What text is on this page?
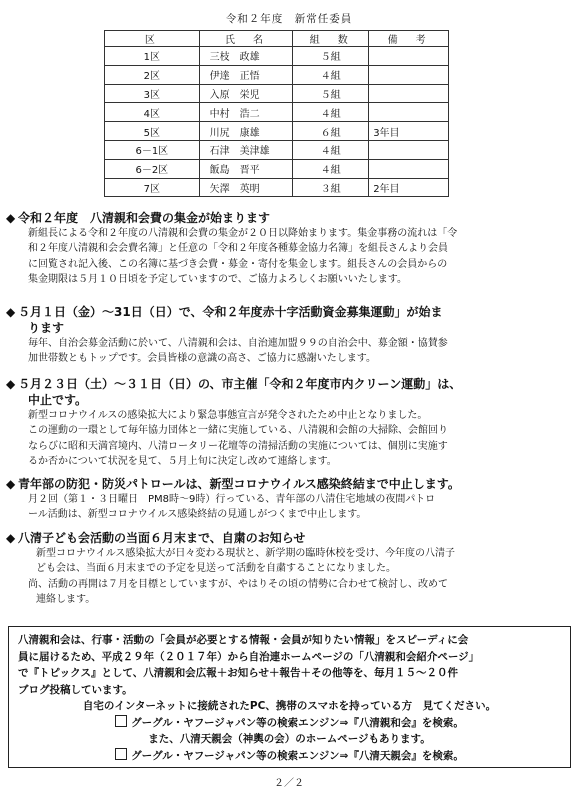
令和２年度　新常任委員
区	氏　名	組　数	備　考
1区	三枝　政雄	５組	
2区	伊達　正悟	４組	
3区	入原　栄児	５組	
4区	中村　浩二	４組	
5区	川尻　康雄	６組	3年目
6－1区	石津　美津雄	４組	
6－2区	飯島　晋平	４組	
7区	矢澤　英明	３組	2年目
◆ 令和２年度　八清親和会費の集金が始まります
新組長による令和２年度の八清親和会費の集金が２０日以降始まります。集金事務の流れは「令
和２年度八清親和会会費名簿」と任意の「令和２年度各種募金協力名簿」を組長さんより会員
に回覧され記入後、この名簿に基づき会費・募金・寄付を集金します。組長さんの会員からの
集金期限は５月１０日頃を予定していますので、ご協力よろしくお願いいたします。
◆ ５月１日（金）～31日（日）で、令和２年度赤十字活動資金募集運動」が始ま
ります
毎年、自治会募金活動に於いて、八清親和会は、自治連加盟９９の自治会中、募金額・協賛参
加世帯数ともトップです。会員皆様の意識の高さ、ご協力に感謝いたします。
◆ ５月２３日（土）～３１日（日）の、市主催「令和２年度市内クリーン運動」は、
中止です。
新型コロナウイルスの感染拡大により緊急事態宣言が発令されたため中止となりました。
この運動の一環として毎年協力団体と一緒に実施している、八清親和会館の大掃除、会館回り
ならびに昭和天満宮境内、八清ロータリー花壇等の清掃活動の実施については、個別に実施す
るか否かについて状況を見て、５月上旬に決定し改めて連絡します。
◆ 青年部の防犯・防災パトロールは、新型コロナウイルス感染終結まで中止します。
月２回（第１・３日曜日　PM8時～9時）行っている、青年部の八清住宅地域の夜間パトロ
ール活動は、新型コロナウイルス感染終結の見通しがつくまで中止します。
◆ 八清子ども会活動の当面６月末まで、自粛のお知らせ
新型コロナウイルス感染拡大が日々変わる現状と、新学期の臨時休校を受け、今年度の八清子
ども会は、当面６月末までの予定を見送って活動を自粛することになりました。
尚、活動の再開は７月を目標としていますが、やはりその頃の情勢に合わせて検討し、改めて
連絡します。
八清親和会は、行事・活動の「会員が必要とする情報・会員が知りたい情報」をスピーディに会
員に届けるため、平成２９年（２０１７年）から自治連ホームページの「八清親和会紹介ページ」
で『トピックス』として、八清親和会広報＋お知らせ＋報告＋その他等を、毎月１５～２０件
ブログ投稿しています。
自宅のインターネットに接続されたPC、携帯のスマホを持っている方　見てください。
グーグル・ヤフージャパン等の検索エンジン⇒『八清親和会』を検索。
また、八清天親会（神輿の会）のホームページもあります。
グーグル・ヤフージャパン等の検索エンジン⇒『八清天親会』を検索。
２／２
